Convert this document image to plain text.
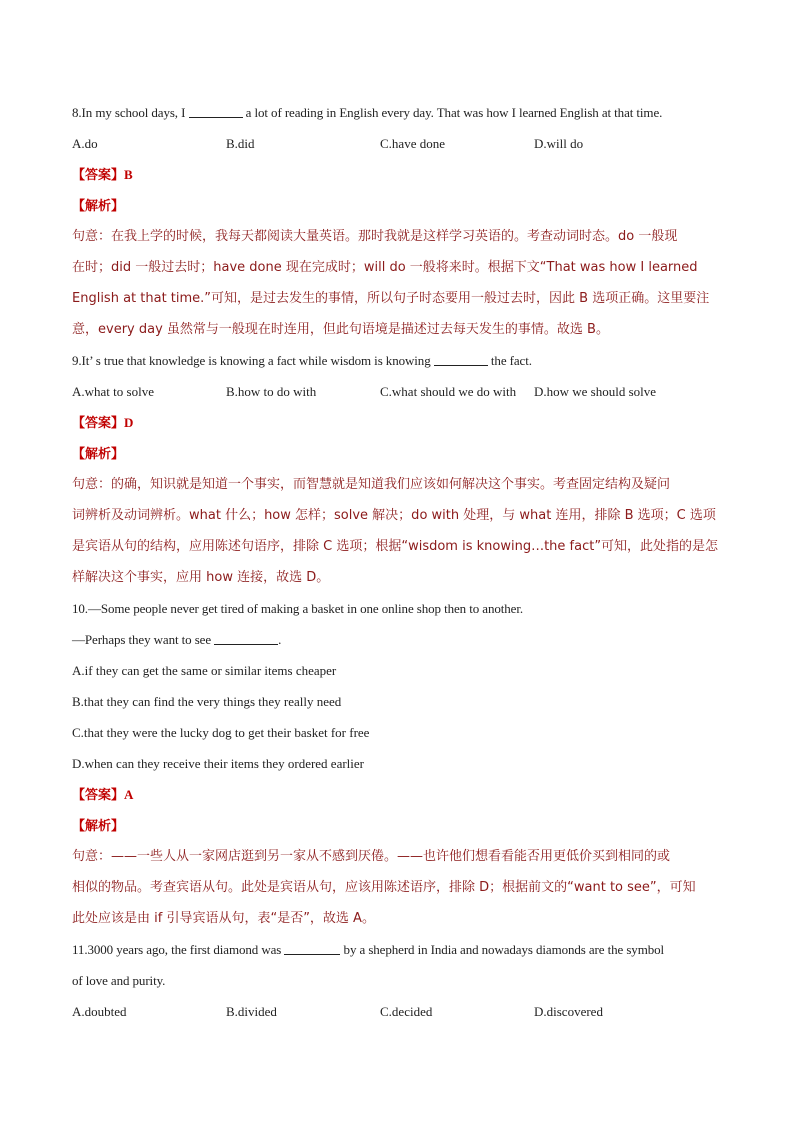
8.In my school days, I	a lot of reading in English every day. That was how I learned English at that time.
A.do	B.did	C.have done	D.will do
【答案】B
【解析】
句意：在我上学的时候，我每天都阅读大量英语。那时我就是这样学习英语的。考查动词时态。do 一般现
在时；did 一般过去时；have done 现在完成时；will do 一般将来时。根据下文“That was how I learned
English at that time.”可知，是过去发生的事情，所以句子时态要用一般过去时，因此 B 选项正确。这里要注
意，every day 虽然常与一般现在时连用，但此句语境是描述过去每天发生的事情。故选 B。
9.It’ s true that knowledge is knowing a fact while wisdom is knowing	the fact.
A.what to solve	B.how to do with	C.what should we do with	D.how we should solve
【答案】D
【解析】
句意：的确，知识就是知道一个事实，而智慧就是知道我们应该如何解决这个事实。考查固定结构及疑问
词辨析及动词辨析。what 什么；how 怎样；solve 解决；do with 处理，与 what 连用，排除 B 选项；C 选项
是宾语从句的结构，应用陈述句语序，排除 C 选项；根据“wisdom is knowing…the fact”可知，此处指的是怎
样解决这个事实，应用 how 连接，故选 D。
10.—Some people never get tired of making a basket in one online shop then to another.
—Perhaps they want to see	.
A.if they can get the same or similar items cheaper
B.that they can find the very things they really need
C.that they were the lucky dog to get their basket for free
D.when can they receive their items they ordered earlier
【答案】A
【解析】
句意：——一些人从一家网店逛到另一家从不感到厌倦。——也许他们想看看能否用更低价买到相同的或
相似的物品。考查宾语从句。此处是宾语从句，应该用陈述语序，排除 D；根据前文的“want to see”，可知
此处应该是由 if 引导宾语从句，表“是否”，故选 A。
11.3000 years ago, the first diamond was	by a shepherd in India and nowadays diamonds are the symbol
of love and purity.
A.doubted	B.divided	C.decided	D.discovered
